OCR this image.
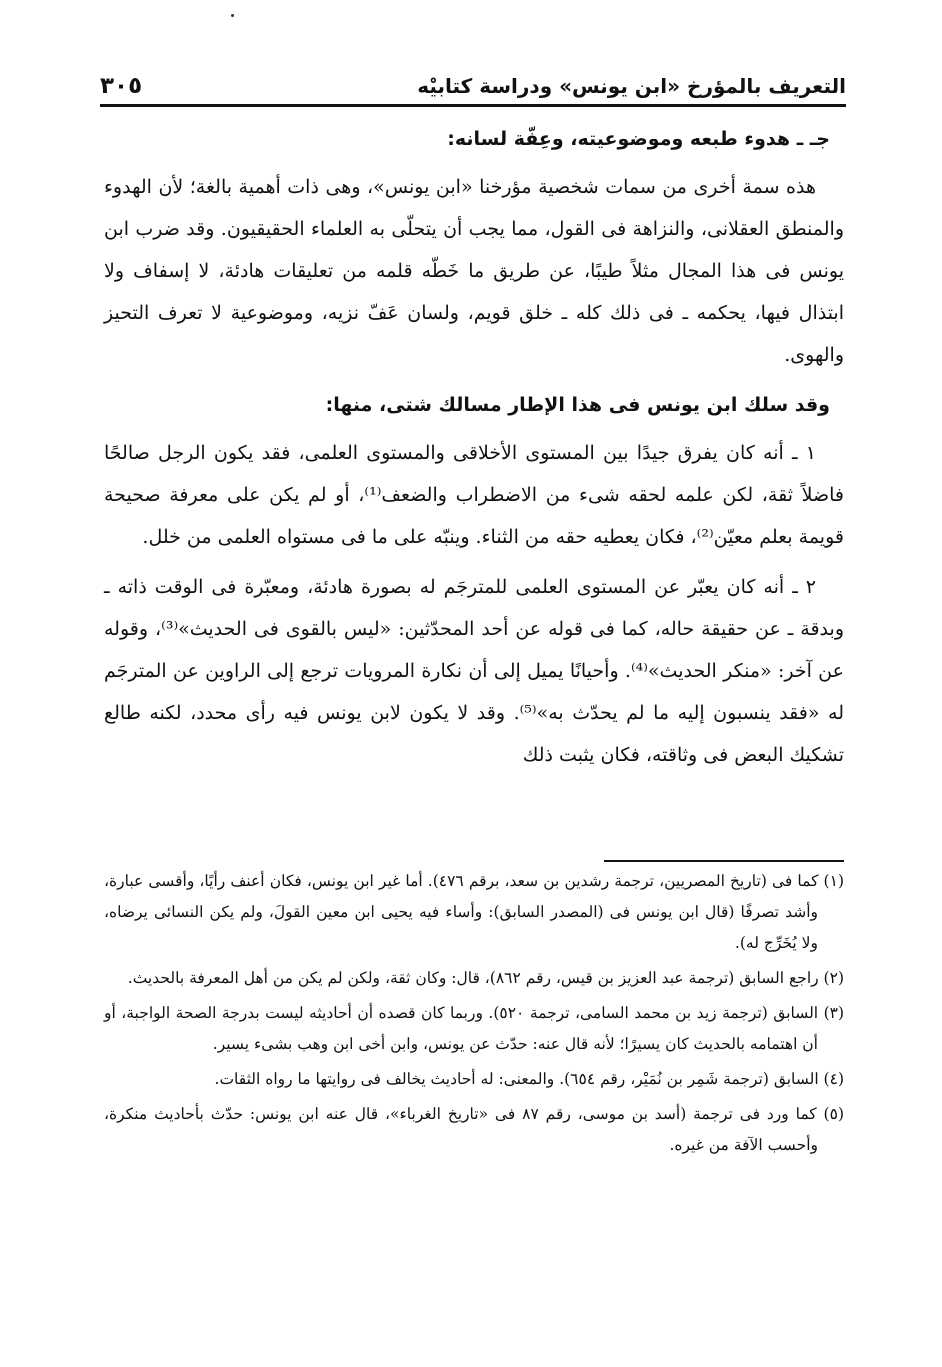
التعريف بالمؤرخ «ابن يونس» ودراسة كتابيْه
٣٠٥
جـ ـ هدوء طبعه وموضوعيته، وعِفّة لسانه:

هذه سمة أخرى من سمات شخصية مؤرخنا «ابن يونس»، وهى ذات أهمية بالغة؛ لأن الهدوء والمنطق العقلانى، والنزاهة فى القول، مما يجب أن يتحلّى به العلماء الحقيقيون. وقد ضرب ابن يونس فى هذا المجال مثلاً طيبًا، عن طريق ما خَطّه قلمه من تعليقات هادئة، لا إسفاف ولا ابتذال فيها، يحكمه ـ فى ذلك كله ـ خلق قويم، ولسان عَفّ نزيه، وموضوعية لا تعرف التحيز والهوى.

وقد سلك ابن يونس فى هذا الإطار مسالك شتى، منها:

١ ـ أنه كان يفرق جيدًا بين المستوى الأخلاقى والمستوى العلمى، فقد يكون الرجل صالحًا فاضلاً ثقة، لكن علمه لحقه شىء من الاضطراب والضعف⁽¹⁾، أو لم يكن على معرفة صحيحة قويمة بعلم معيّن⁽²⁾، فكان يعطيه حقه من الثناء. وينبّه على ما فى مستواه العلمى من خلل.

٢ ـ أنه كان يعبّر عن المستوى العلمى للمترجَم له بصورة هادئة، ومعبّرة فى الوقت ذاته ـ وبدقة ـ عن حقيقة حاله، كما فى قوله عن أحد المحدّثين: «ليس بالقوى فى الحديث»⁽³⁾، وقوله عن آخر: «منكر الحديث»⁽⁴⁾. وأحيانًا يميل إلى أن نكارة المرويات ترجع إلى الراوين عن المترجَم له «فقد ينسبون إليه ما لم يحدّث به»⁽⁵⁾. وقد لا يكون لابن يونس فيه رأى محدد، لكنه طالع تشكيك البعض فى وثاقته، فكان يثبت ذلك

(١) كما فى (تاريخ المصريين، ترجمة رشدين بن سعد، برقم ٤٧٦). أما غير ابن يونس، فكان أعنف رأيًا، وأقسى عبارة، وأشد تصرفًا (قال ابن يونس فى (المصدر السابق): وأساء فيه يحيى ابن معين القولَ، ولم يكن النسائى يرضاه، ولا يُخَرِّج له).

(٢) راجع السابق (ترجمة عبد العزيز بن قيس، رقم ٨٦٢)، قال: وكان ثقة، ولكن لم يكن من أهل المعرفة بالحديث.

(٣) السابق (ترجمة زيد بن محمد السامى، ترجمة ٥٢٠). وربما كان قصده أن أحاديثه ليست بدرجة الصحة الواجبة، أو أن اهتمامه بالحديث كان يسيرًا؛ لأنه قال عنه: حدّث عن يونس، وابن أخى ابن وهب بشىء يسير.

(٤) السابق (ترجمة شَمِر بن نُمَيْر، رقم ٦٥٤). والمعنى: له أحاديث يخالف فى روايتها ما رواه الثقات.

(٥) كما ورد فى ترجمة (أسد بن موسى، رقم ٨٧ فى «تاريخ الغرباء»، قال عنه ابن يونس: حدّث بأحاديث منكرة، وأحسب الآفة من غيره.
